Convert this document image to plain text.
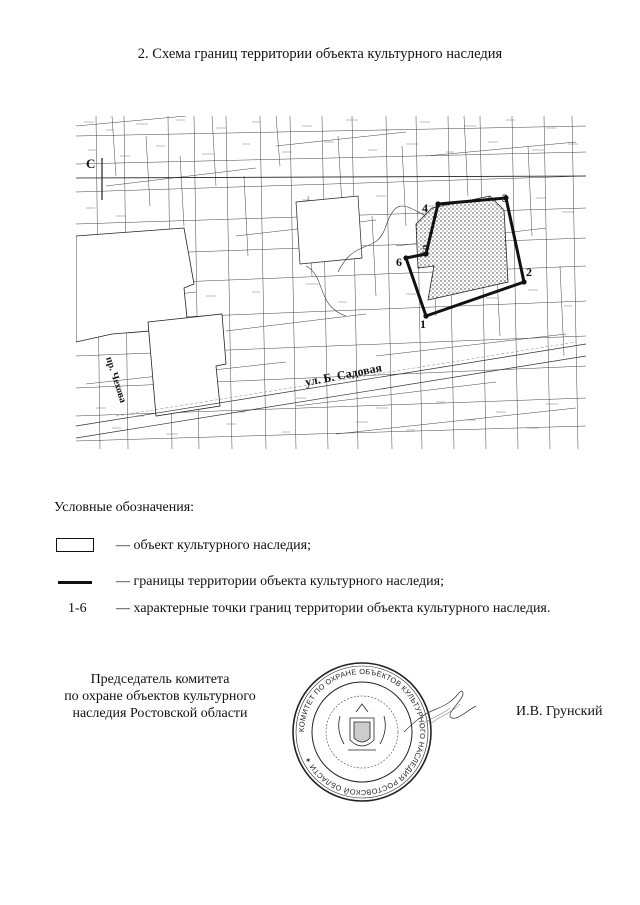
2. Схема границ территории объекта культурного наследия
1
2
3
4
5
6
С
ул. Б. Садовая
пр. Чехова
Условные обозначения:
— объект культурного наследия;
— границы территории объекта культурного наследия;
1-6 — характерные точки границ территории объекта культурного наследия.
Председатель комитета
по охране объектов культурного
наследия Ростовской области
КОМИТЕТ ПО ОХРАНЕ ОБЪЕКТОВ КУЛЬТУРНОГО НАСЛЕДИЯ РОСТОВСКОЙ ОБЛАСТИ ✶
И.В. Грунский
